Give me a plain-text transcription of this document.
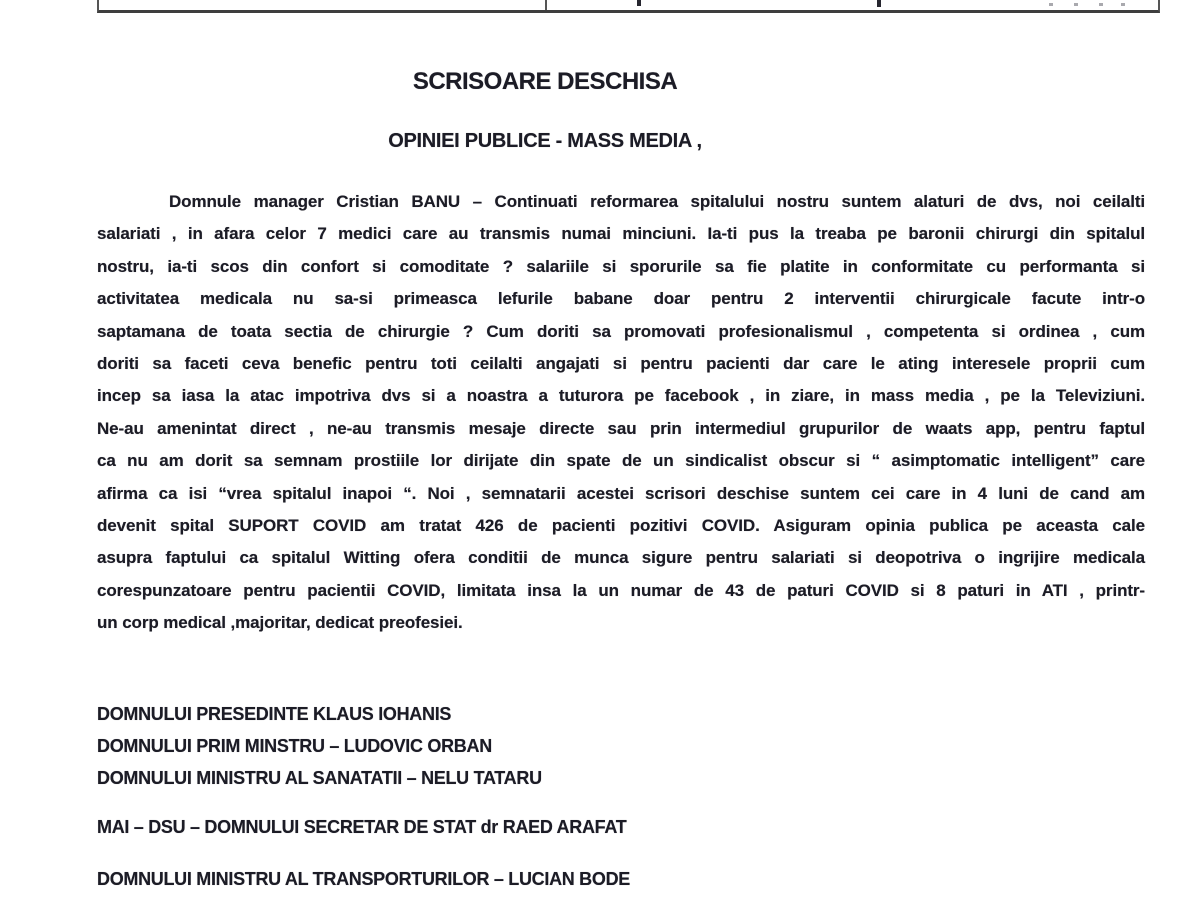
SCRISOARE DESCHISA
OPINIEI PUBLICE - MASS MEDIA ,
Domnule manager Cristian BANU – Continuati reformarea spitalului nostru suntem alaturi de dvs, noi ceilalti
salariati , in afara celor 7 medici care au transmis numai minciuni. Ia-ti pus la treaba pe baronii chirurgi din spitalul
nostru, ia-ti scos din confort si comoditate ? salariile si sporurile sa fie platite in conformitate cu performanta si
activitatea medicala nu sa-si primeasca lefurile babane doar pentru 2 interventii chirurgicale facute intr-o
saptamana de toata sectia de chirurgie ? Cum doriti sa promovati profesionalismul , competenta si ordinea , cum
doriti sa faceti ceva benefic pentru toti ceilalti angajati si pentru pacienti dar care le ating interesele proprii cum
incep sa iasa la atac impotriva dvs si a noastra a tuturora pe facebook , in ziare, in mass media , pe la Televiziuni.
Ne-au amenintat direct , ne-au transmis mesaje directe sau prin intermediul grupurilor de waats app, pentru faptul
ca nu am dorit sa semnam prostiile lor dirijate din spate de un sindicalist obscur si “ asimptomatic intelligent” care
afirma ca isi “vrea spitalul inapoi “. Noi , semnatarii acestei scrisori deschise suntem cei care in 4 luni de cand am
devenit spital SUPORT COVID am tratat 426 de pacienti pozitivi COVID. Asiguram opinia publica pe aceasta cale
asupra faptului ca spitalul Witting ofera conditii de munca sigure pentru salariati si deopotriva o ingrijire medicala
corespunzatoare pentru pacientii COVID, limitata insa la un numar de 43 de paturi COVID si 8 paturi in ATI , printr-
un corp medical ,majoritar, dedicat preofesiei.
DOMNULUI PRESEDINTE KLAUS IOHANIS
DOMNULUI PRIM MINSTRU – LUDOVIC ORBAN
DOMNULUI MINISTRU AL SANATATII – NELU TATARU
MAI – DSU – DOMNULUI SECRETAR DE STAT dr RAED ARAFAT
DOMNULUI MINISTRU AL TRANSPORTURILOR – LUCIAN BODE
